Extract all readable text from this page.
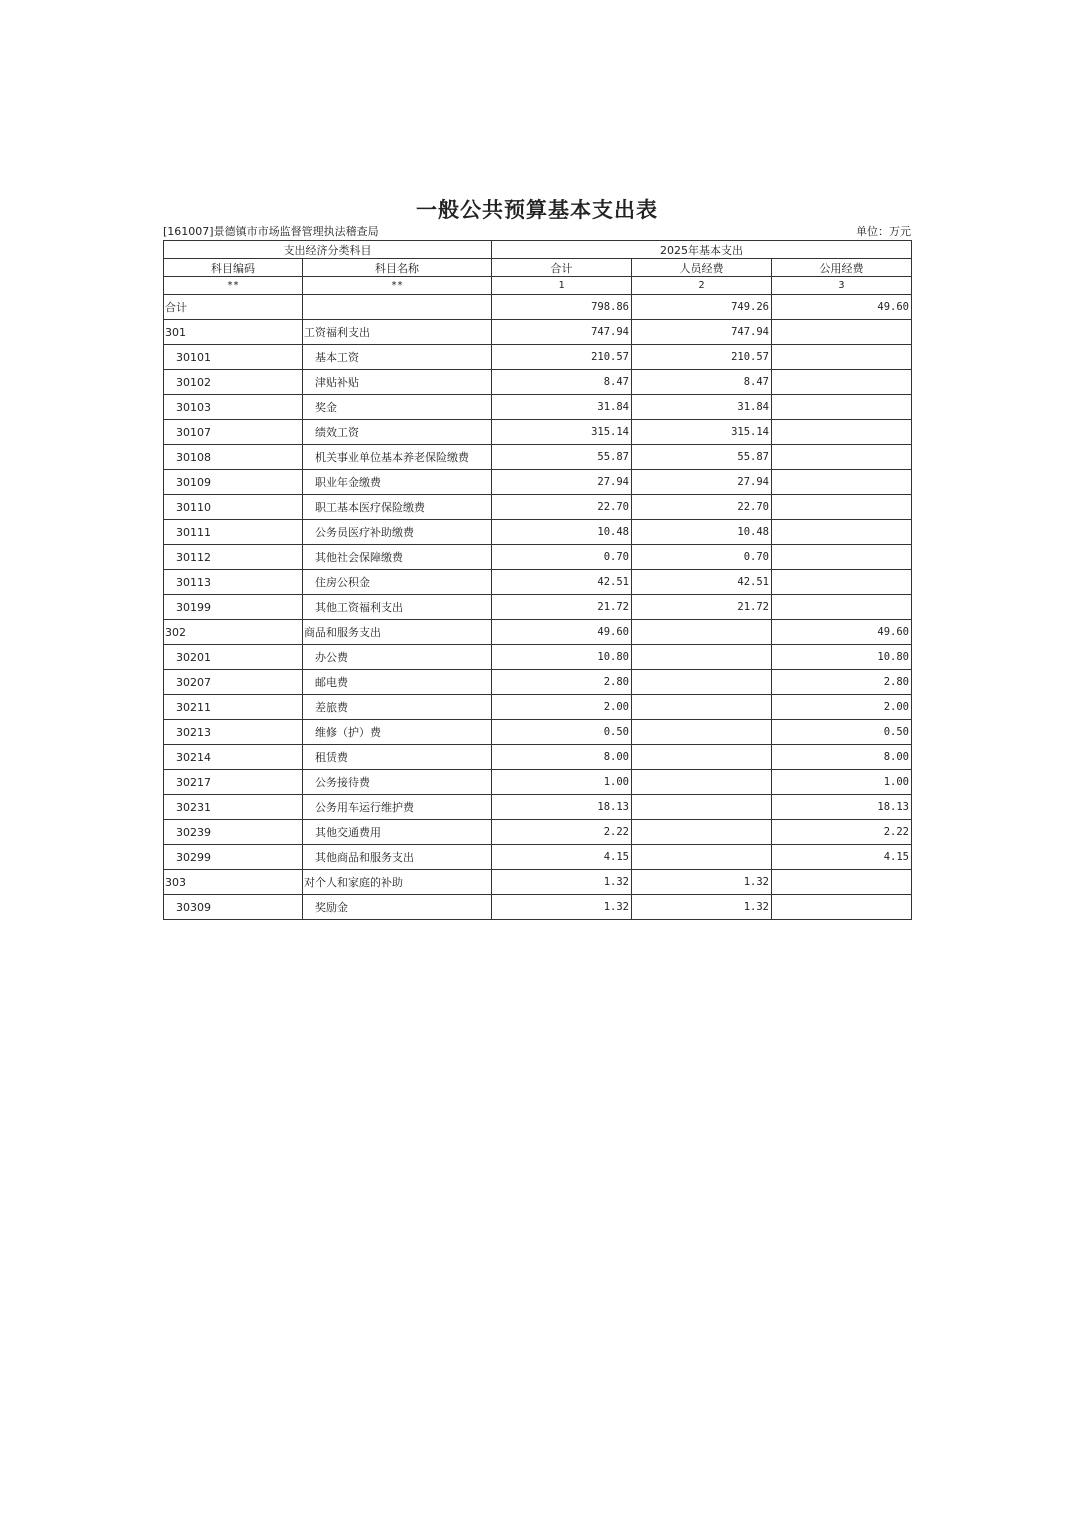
一般公共预算基本支出表
[161007]景德镇市市场监督管理执法稽查局	单位：万元
支出经济分类科目		2025年基本支出		
科目编码	科目名称	合计	人员经费	公用经费
**	**	1	2	3
合计		798.86	749.26	49.60
301	工资福利支出	747.94	747.94	
30101	基本工资	210.57	210.57	
30102	津贴补贴	8.47	8.47	
30103	奖金	31.84	31.84	
30107	绩效工资	315.14	315.14	
30108	机关事业单位基本养老保险缴费	55.87	55.87	
30109	职业年金缴费	27.94	27.94	
30110	职工基本医疗保险缴费	22.70	22.70	
30111	公务员医疗补助缴费	10.48	10.48	
30112	其他社会保障缴费	0.70	0.70	
30113	住房公积金	42.51	42.51	
30199	其他工资福利支出	21.72	21.72	
302	商品和服务支出	49.60		49.60
30201	办公费	10.80		10.80
30207	邮电费	2.80		2.80
30211	差旅费	2.00		2.00
30213	维修（护）费	0.50		0.50
30214	租赁费	8.00		8.00
30217	公务接待费	1.00		1.00
30231	公务用车运行维护费	18.13		18.13
30239	其他交通费用	2.22		2.22
30299	其他商品和服务支出	4.15		4.15
303	对个人和家庭的补助	1.32	1.32	
30309	奖励金	1.32	1.32	
